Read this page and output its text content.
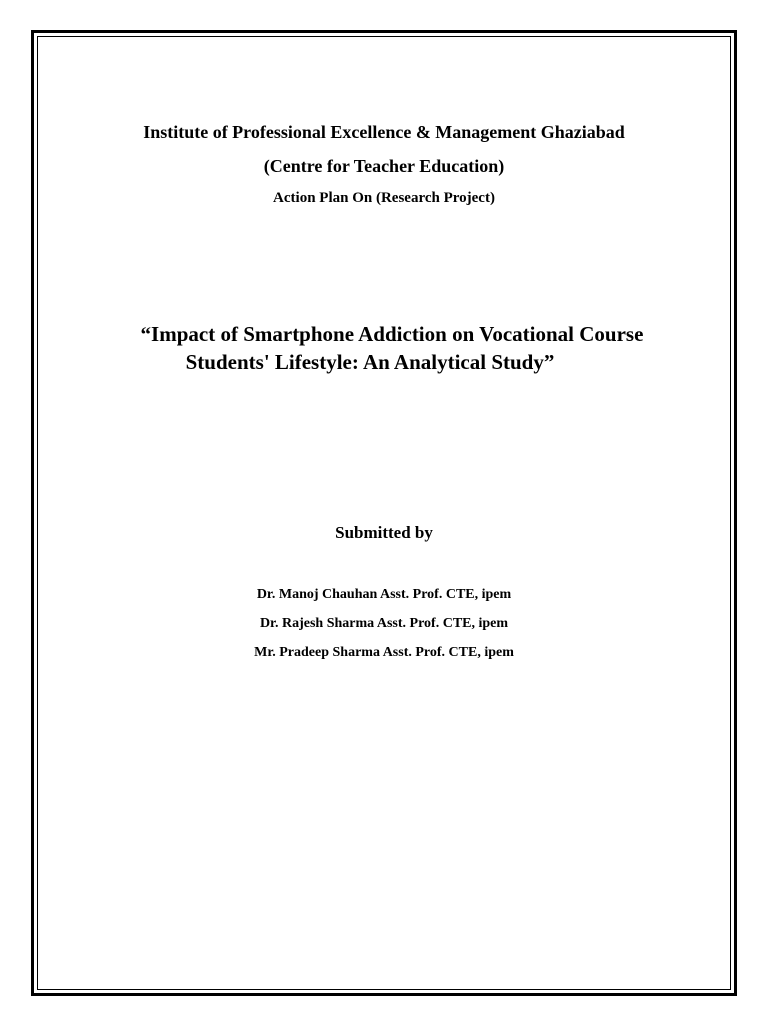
Institute of Professional Excellence & Management Ghaziabad
(Centre for Teacher Education)
Action Plan On (Research Project)
“Impact of Smartphone Addiction on Vocational Course
Students' Lifestyle: An Analytical Study”
Submitted by
Dr. Manoj Chauhan Asst. Prof. CTE, ipem
Dr. Rajesh Sharma Asst. Prof. CTE, ipem
Mr. Pradeep Sharma Asst. Prof. CTE, ipem
